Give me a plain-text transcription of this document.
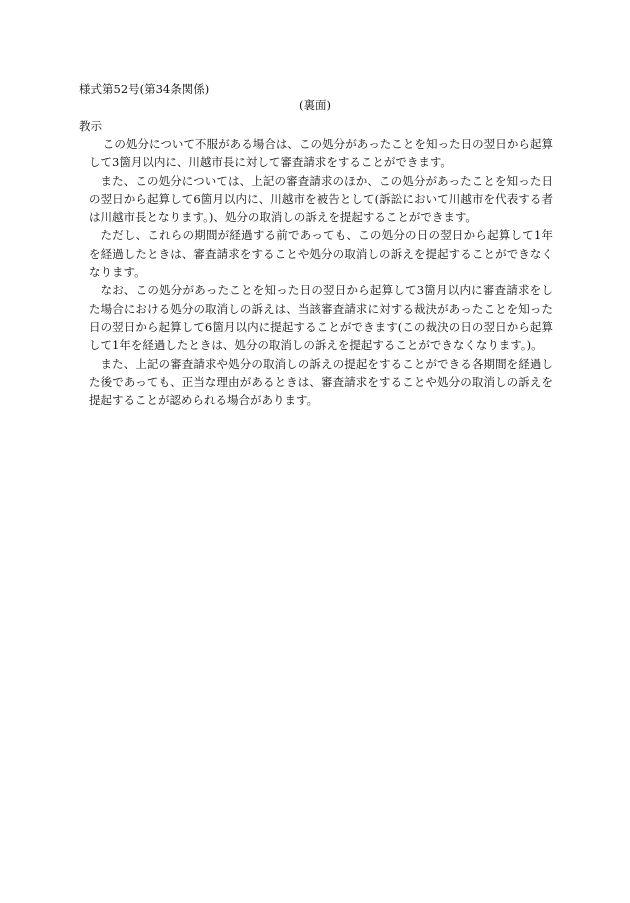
様式第52号(第34条関係)
(裏面)
教示

この処分について不服がある場合は、この処分があったことを知った日の翌日から起算して3箇月以内に、川越市長に対して審査請求をすることができます。

また、この処分については、上記の審査請求のほか、この処分があったことを知った日の翌日から起算して6箇月以内に、川越市を被告として(訴訟において川越市を代表する者は川越市長となります。)、処分の取消しの訴えを提起することができます。

ただし、これらの期間が経過する前であっても、この処分の日の翌日から起算して1年を経過したときは、審査請求をすることや処分の取消しの訴えを提起することができなくなります。

なお、この処分があったことを知った日の翌日から起算して3箇月以内に審査請求をした場合における処分の取消しの訴えは、当該審査請求に対する裁決があったことを知った日の翌日から起算して6箇月以内に提起することができます(この裁決の日の翌日から起算して1年を経過したときは、処分の取消しの訴えを提起することができなくなります。)。

また、上記の審査請求や処分の取消しの訴えの提起をすることができる各期間を経過した後であっても、正当な理由があるときは、審査請求をすることや処分の取消しの訴えを提起することが認められる場合があります。
